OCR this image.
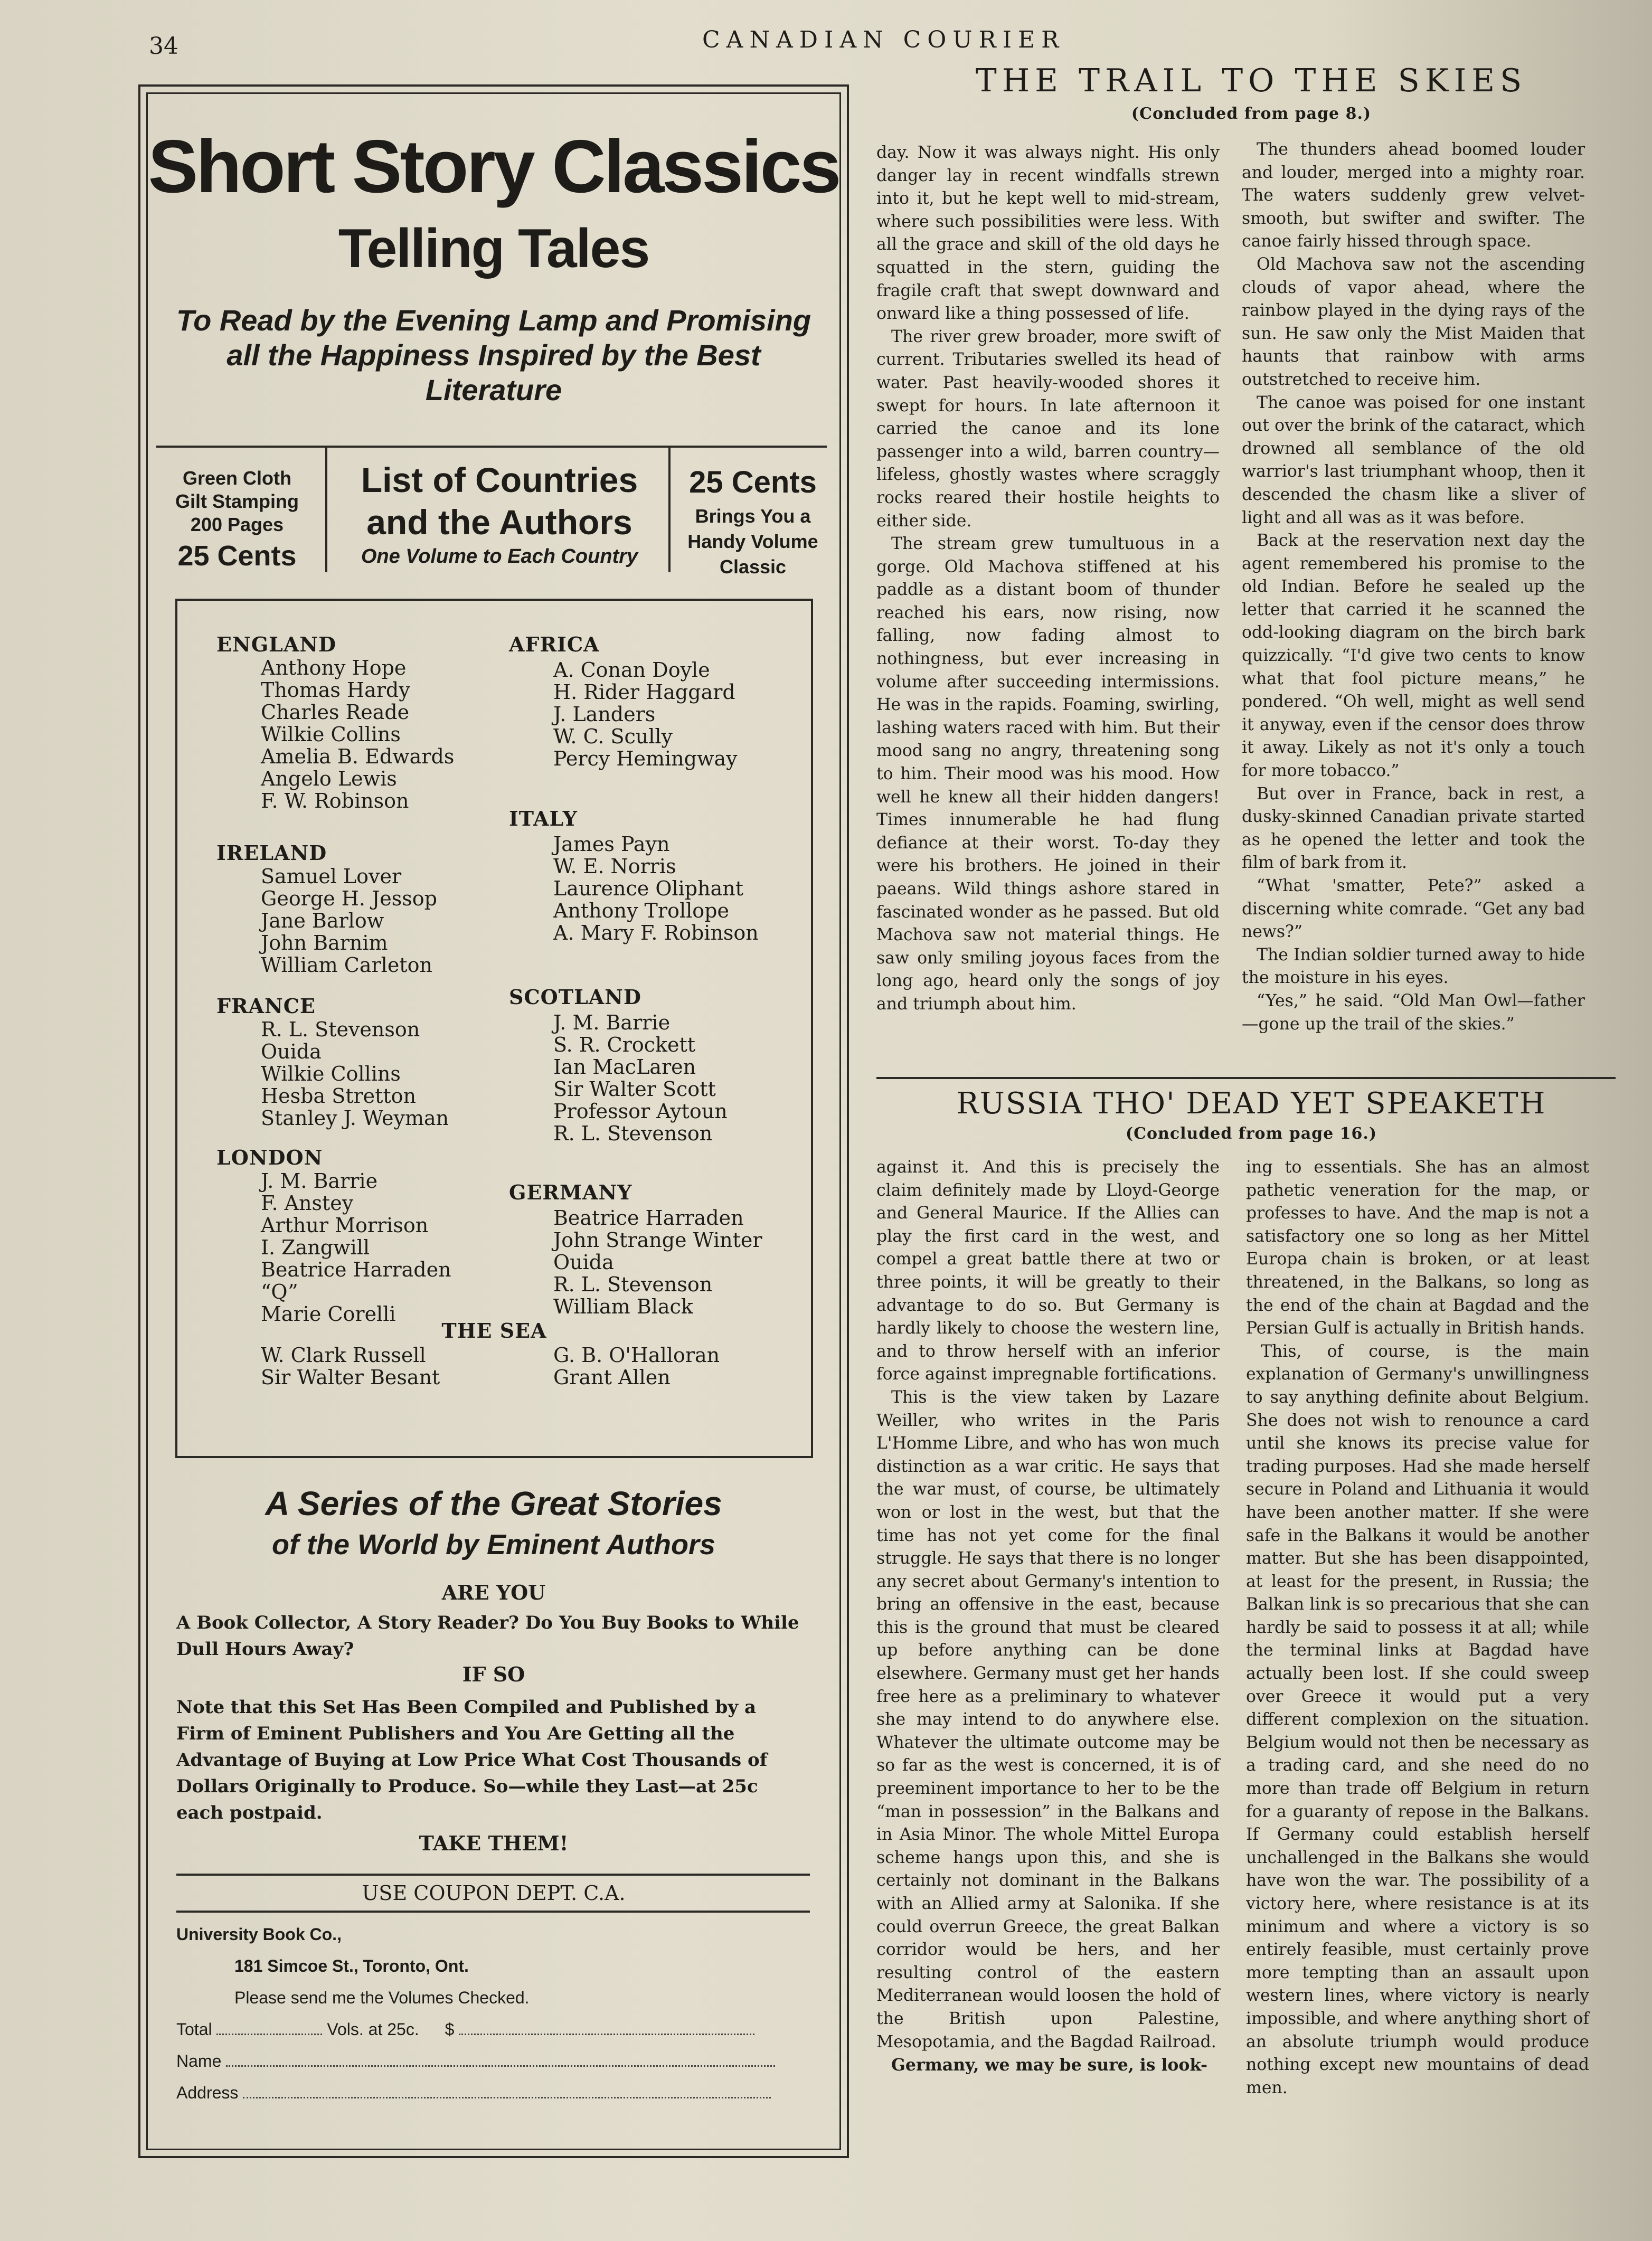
34	CANADIAN COURIER
Short Story Classics
Telling Tales
To Read by the Evening Lamp and Promising all the Happiness Inspired by the Best Literature
Green Cloth
Gilt Stamping
200 Pages
25 Cents
List of Countries and the Authors
One Volume to Each Country
25 Cents
Brings You a
Handy Volume
Classic
ENGLAND
Anthony Hope
Thomas Hardy
Charles Reade
Wilkie Collins
Amelia B. Edwards
Angelo Lewis
F. W. Robinson
IRELAND
Samuel Lover
George H. Jessop
Jane Barlow
John Barnim
William Carleton
FRANCE
R. L. Stevenson
Ouida
Wilkie Collins
Hesba Stretton
Stanley J. Weyman
LONDON
J. M. Barrie
F. Anstey
Arthur Morrison
I. Zangwill
Beatrice Harraden
“Q”
Marie Corelli
AFRICA
A. Conan Doyle
H. Rider Haggard
J. Landers
W. C. Scully
Percy Hemingway
ITALY
James Payn
W. E. Norris
Laurence Oliphant
Anthony Trollope
A. Mary F. Robinson
SCOTLAND
J. M. Barrie
S. R. Crockett
Ian MacLaren
Sir Walter Scott
Professor Aytoun
R. L. Stevenson
GERMANY
Beatrice Harraden
John Strange Winter
Ouida
R. L. Stevenson
William Black
THE SEA
W. Clark Russell
Sir Walter Besant
G. B. O'Halloran
Grant Allen
A Series of the Great Stories
of the World by Eminent Authors
ARE YOU
A Book Collector, A Story Reader? Do You Buy Books to While Dull Hours Away?
IF SO
Note that this Set Has Been Compiled and Published by a Firm of Eminent Publishers and You Are Getting all the Advantage of Buying at Low Price What Cost Thousands of Dollars Originally to Produce. So—while they Last—at 25c each postpaid.
TAKE THEM!
USE COUPON DEPT. C.A.
University Book Co.,
181 Simcoe St., Toronto, Ont.
Please send me the Volumes Checked.
Total	Vols. at 25c. $
Name
Address
THE TRAIL TO THE SKIES
(Concluded from page 8.)

day. Now it was always night. His only danger lay in recent windfalls strewn into it, but he kept well to mid-stream, where such possibilities were less. With all the grace and skill of the old days he squatted in the stern, guiding the fragile craft that swept downward and onward like a thing possessed of life.

The river grew broader, more swift of current. Tributaries swelled its head of water. Past heavily-wooded shores it swept for hours. In late afternoon it carried the canoe and its lone passenger into a wild, barren country—lifeless, ghostly wastes where scraggly rocks reared their hostile heights to either side.

The stream grew tumultuous in a gorge. Old Machova stiffened at his paddle as a distant boom of thunder reached his ears, now rising, now falling, now fading almost to nothingness, but ever increasing in volume after succeeding intermissions. He was in the rapids. Foaming, swirling, lashing waters raced with him. But their mood sang no angry, threatening song to him. Their mood was his mood. How well he knew all their hidden dangers! Times innumerable he had flung defiance at their worst. To-day they were his brothers. He joined in their paeans. Wild things ashore stared in fascinated wonder as he passed. But old Machova saw not material things. He saw only smiling joyous faces from the long ago, heard only the songs of joy and triumph about him.

The thunders ahead boomed louder and louder, merged into a mighty roar. The waters suddenly grew velvet-smooth, but swifter and swifter. The canoe fairly hissed through space.

Old Machova saw not the ascending clouds of vapor ahead, where the rainbow played in the dying rays of the sun. He saw only the Mist Maiden that haunts that rainbow with arms outstretched to receive him.

The canoe was poised for one instant out over the brink of the cataract, which drowned all semblance of the old warrior's last triumphant whoop, then it descended the chasm like a sliver of light and all was as it was before.

Back at the reservation next day the agent remembered his promise to the old Indian. Before he sealed up the letter that carried it he scanned the odd-looking diagram on the birch bark quizzically. “I'd give two cents to know what that fool picture means,” he pondered. “Oh well, might as well send it anyway, even if the censor does throw it away. Likely as not it's only a touch for more tobacco.”

But over in France, back in rest, a dusky-skinned Canadian private started as he opened the letter and took the film of bark from it.

“What 'smatter, Pete?” asked a discerning white comrade. “Get any bad news?”

The Indian soldier turned away to hide the moisture in his eyes.

“Yes,” he said. “Old Man Owl—father—gone up the trail of the skies.”

RUSSIA THO' DEAD YET SPEAKETH
(Concluded from page 16.)

against it. And this is precisely the claim definitely made by Lloyd-George and General Maurice. If the Allies can play the first card in the west, and compel a great battle there at two or three points, it will be greatly to their advantage to do so. But Germany is hardly likely to choose the western line, and to throw herself with an inferior force against impregnable fortifications.

This is the view taken by Lazare Weiller, who writes in the Paris L'Homme Libre, and who has won much distinction as a war critic. He says that the war must, of course, be ultimately won or lost in the west, but that the time has not yet come for the final struggle. He says that there is no longer any secret about Germany's intention to bring an offensive in the east, because this is the ground that must be cleared up before anything can be done elsewhere. Germany must get her hands free here as a preliminary to whatever she may intend to do anywhere else. Whatever the ultimate outcome may be so far as the west is concerned, it is of preeminent importance to her to be the “man in possession” in the Balkans and in Asia Minor. The whole Mittel Europa scheme hangs upon this, and she is certainly not dominant in the Balkans with an Allied army at Salonika. If she could overrun Greece, the great Balkan corridor would be hers, and her resulting control of the eastern Mediterranean would loosen the hold of the British upon Palestine, Mesopotamia, and the Bagdad Railroad.

Germany, we may be sure, is look-

ing to essentials. She has an almost pathetic veneration for the map, or professes to have. And the map is not a satisfactory one so long as her Mittel Europa chain is broken, or at least threatened, in the Balkans, so long as the end of the chain at Bagdad and the Persian Gulf is actually in British hands.

This, of course, is the main explanation of Germany's unwillingness to say anything definite about Belgium. She does not wish to renounce a card until she knows its precise value for trading purposes. Had she made herself secure in Poland and Lithuania it would have been another matter. If she were safe in the Balkans it would be another matter. But she has been disappointed, at least for the present, in Russia; the Balkan link is so precarious that she can hardly be said to possess it at all; while the terminal links at Bagdad have actually been lost. If she could sweep over Greece it would put a very different complexion on the situation. Belgium would not then be necessary as a trading card, and she need do no more than trade off Belgium in return for a guaranty of repose in the Balkans. If Germany could establish herself unchallenged in the Balkans she would have won the war. The possibility of a victory here, where resistance is at its minimum and where a victory is so entirely feasible, must certainly prove more tempting than an assault upon western lines, where victory is nearly impossible, and where anything short of an absolute triumph would produce nothing except new mountains of dead men.
